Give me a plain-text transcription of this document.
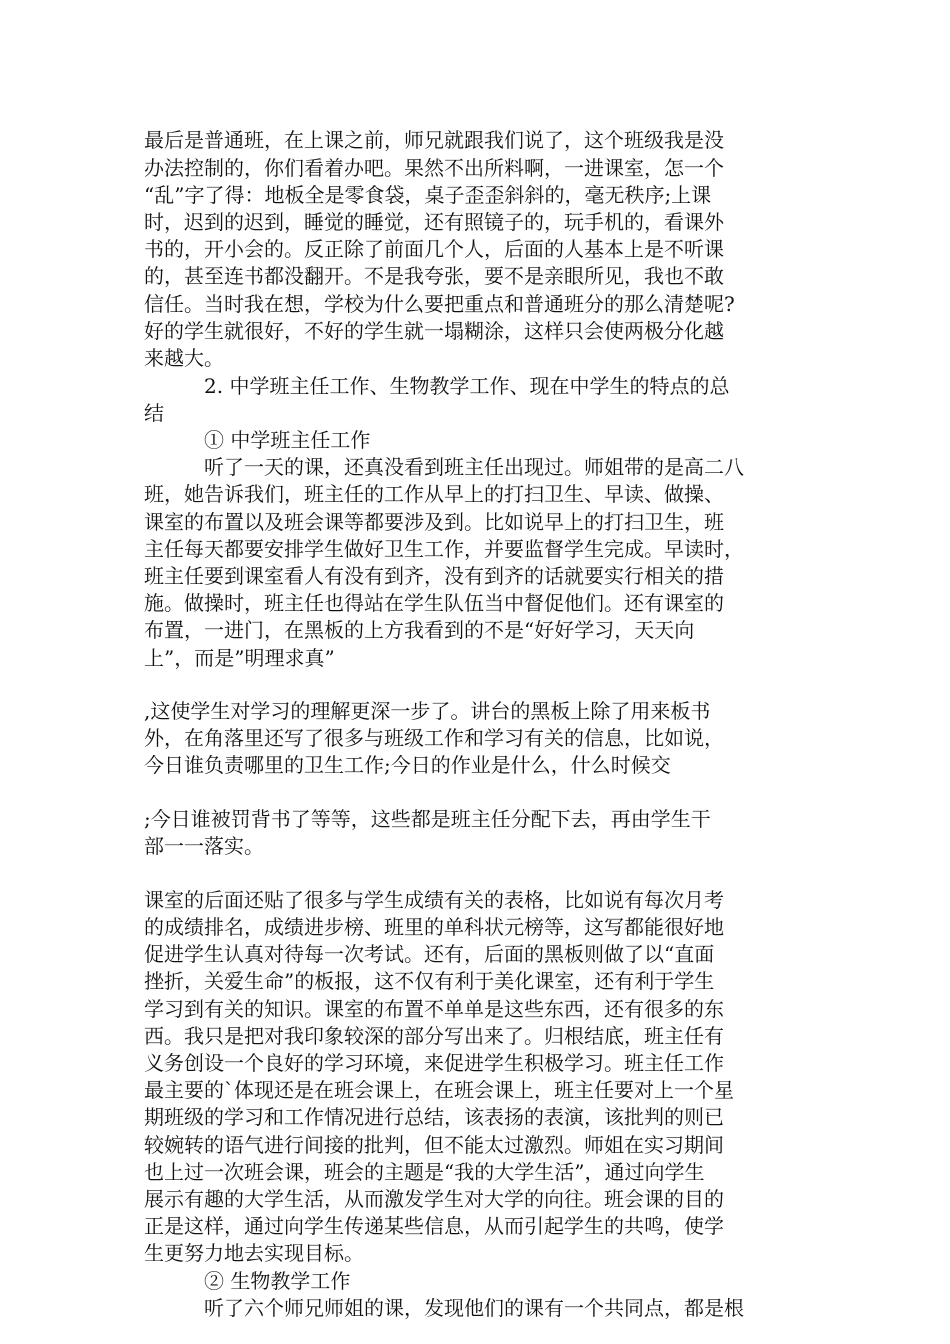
最后是普通班，在上课之前，师兄就跟我们说了，这个班级我是没
办法控制的，你们看着办吧。果然不出所料啊，一进课室，怎一个
“乱”字了得：地板全是零食袋，桌子歪歪斜斜的，毫无秩序;上课
时，迟到的迟到，睡觉的睡觉，还有照镜子的，玩手机的，看课外
书的，开小会的。反正除了前面几个人，后面的人基本上是不听课
的，甚至连书都没翻开。不是我夸张，要不是亲眼所见，我也不敢
信任。当时我在想，学校为什么要把重点和普通班分的那么清楚呢?
好的学生就很好，不好的学生就一塌糊涂，这样只会使两极分化越
来越大。
2. 中学班主任工作、生物教学工作、现在中学生的特点的总
结
① 中学班主任工作
听了一天的课，还真没看到班主任出现过。师姐带的是高二八
班，她告诉我们，班主任的工作从早上的打扫卫生、早读、做操、
课室的布置以及班会课等都要涉及到。比如说早上的打扫卫生，班
主任每天都要安排学生做好卫生工作，并要监督学生完成。早读时，
班主任要到课室看人有没有到齐，没有到齐的话就要实行相关的措
施。做操时，班主任也得站在学生队伍当中督促他们。还有课室的
布置，一进门，在黑板的上方我看到的不是“好好学习，天天向
上”，而是”明理求真”
,这使学生对学习的理解更深一步了。讲台的黑板上除了用来板书
外，在角落里还写了很多与班级工作和学习有关的信息，比如说，
今日谁负责哪里的卫生工作;今日的作业是什么，什么时候交
;今日谁被罚背书了等等，这些都是班主任分配下去，再由学生干
部一一落实。
课室的后面还贴了很多与学生成绩有关的表格，比如说有每次月考
的成绩排名，成绩进步榜、班里的单科状元榜等，这写都能很好地
促进学生认真对待每一次考试。还有，后面的黑板则做了以“直面
挫折，关爱生命”的板报，这不仅有利于美化课室，还有利于学生
学习到有关的知识。课室的布置不单单是这些东西，还有很多的东
西。我只是把对我印象较深的部分写出来了。归根结底，班主任有
义务创设一个良好的学习环境，来促进学生积极学习。班主任工作
最主要的`体现还是在班会课上，在班会课上，班主任要对上一个星
期班级的学习和工作情况进行总结，该表扬的表演，该批判的则已
较婉转的语气进行间接的批判，但不能太过激烈。师姐在实习期间
也上过一次班会课，班会的主题是“我的大学生活”，通过向学生
展示有趣的大学生活，从而激发学生对大学的向往。班会课的目的
正是这样，通过向学生传递某些信息，从而引起学生的共鸣，使学
生更努力地去实现目标。
② 生物教学工作
听了六个师兄师姐的课，发现他们的课有一个共同点，都是根
